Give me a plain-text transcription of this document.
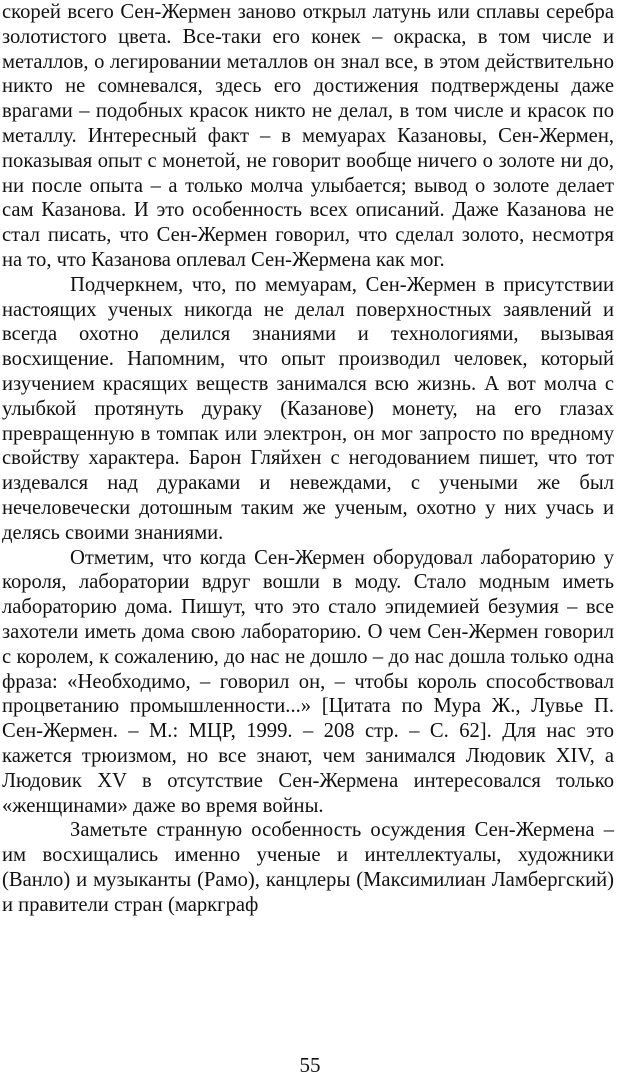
скорей всего Сен-Жермен заново открыл латунь или сплавы серебра золотистого цвета. Все-таки его конек – окраска, в том числе и металлов, о легировании металлов он знал все, в этом действительно никто не сомневался, здесь его достижения подтверждены даже врагами – подобных красок никто не делал, в том числе и красок по металлу. Интересный факт – в мемуарах Казановы, Сен-Жермен, показывая опыт с монетой, не говорит вообще ничего о золоте ни до, ни после опыта – а только молча улыбается; вывод о золоте делает сам Казанова. И это особенность всех описаний. Даже Казанова не стал писать, что Сен-Жермен говорил, что сделал золото, несмотря на то, что Казанова оплевал Сен-Жермена как мог.

Подчеркнем, что, по мемуарам, Сен-Жермен в присутствии настоящих ученых никогда не делал поверхностных заявлений и всегда охотно делился знаниями и технологиями, вызывая восхищение. Напомним, что опыт производил человек, который изучением красящих веществ занимался всю жизнь. А вот молча с улыбкой протянуть дураку (Казанове) монету, на его глазах превращенную в томпак или электрон, он мог запросто по вредному свойству характера. Барон Гляйхен с негодованием пишет, что тот издевался над дураками и невеждами, с учеными же был нечеловечески дотошным таким же ученым, охотно у них учась и делясь своими знаниями.

Отметим, что когда Сен-Жермен оборудовал лабораторию у короля, лаборатории вдруг вошли в моду. Стало модным иметь лабораторию дома. Пишут, что это стало эпидемией безумия – все захотели иметь дома свою лабораторию. О чем Сен-Жермен говорил с королем, к сожалению, до нас не дошло – до нас дошла только одна фраза: «Необходимо, – говорил он, – чтобы король способствовал процветанию промышленности...» [Цитата по Мура Ж., Лувье П. Сен-Жермен. – М.: МЦР, 1999. – 208 стр. – С. 62]. Для нас это кажется трюизмом, но все знают, чем занимался Людовик XIV, а Людовик XV в отсутствие Сен-Жермена интересовался только «женщинами» даже во время войны.

Заметьте странную особенность осуждения Сен-Жермена – им восхищались именно ученые и интеллектуалы, художники (Ванло) и музыканты (Рамо), канцлеры (Максимилиан Ламбергский) и правители стран (маркграф

55
